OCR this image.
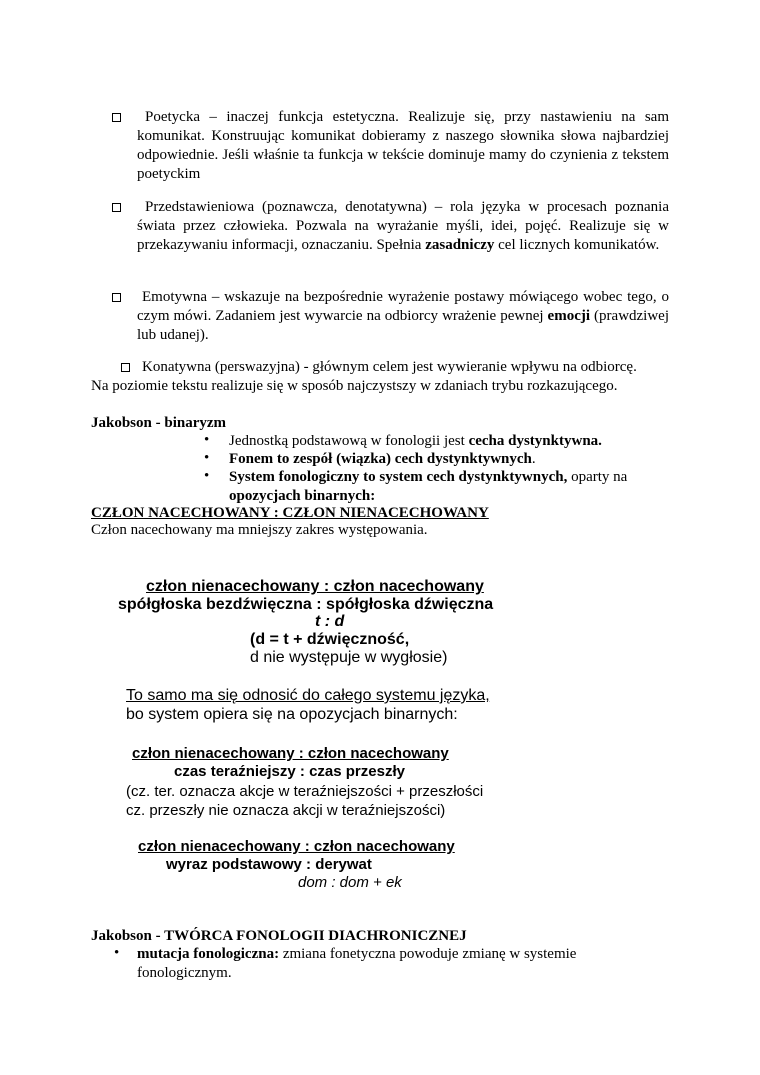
Poetycka – inaczej funkcja estetyczna. Realizuje się, przy nastawieniu na sam komunikat. Konstruując komunikat dobieramy z naszego słownika słowa najbardziej odpowiednie. Jeśli właśnie ta funkcja w tekście dominuje mamy do czynienia z tekstem poetyckim
Przedstawieniowa (poznawcza, denotatywna) – rola języka w procesach poznania świata przez człowieka. Pozwala na wyrażanie myśli, idei, pojęć. Realizuje się w przekazywaniu informacji, oznaczaniu. Spełnia zasadniczy cel licznych komunikatów.
Emotywna – wskazuje na bezpośrednie wyrażenie postawy mówiącego wobec tego, o czym mówi. Zadaniem jest wywarcie na odbiorcy wrażenie pewnej emocji (prawdziwej lub udanej).
Konatywna (perswazyjna) - głównym celem jest wywieranie wpływu na odbiorcę.
Na poziomie tekstu realizuje się w sposób najczystszy w zdaniach trybu rozkazującego.
Jakobson - binaryzm
• Jednostką podstawową w fonologii jest cecha dystynktywna.
• Fonem to zespół (wiązka) cech dystynktywnych.
• System fonologiczny to system cech dystynktywnych, oparty na
opozycjach binarnych:
CZŁON NACECHOWANY : CZŁON NIENACECHOWANY
Człon nacechowany ma mniejszy zakres występowania.
człon nienacechowany : człon nacechowany
spółgłoska bezdźwięczna : spółgłoska dźwięczna
t : d
(d = t + dźwięczność,
d nie występuje w wygłosie)
To samo ma się odnosić do całego systemu języka,
bo system opiera się na opozycjach binarnych:
człon nienacechowany : człon nacechowany
czas teraźniejszy : czas przeszły
(cz. ter. oznacza akcje w teraźniejszości + przeszłości
cz. przeszły nie oznacza akcji w teraźniejszości)
człon nienacechowany : człon nacechowany
wyraz podstawowy : derywat
dom : dom + ek
Jakobson - TWÓRCA FONOLOGII DIACHRONICZNEJ
• mutacja fonologiczna: zmiana fonetyczna powoduje zmianę w systemie fonologicznym.
